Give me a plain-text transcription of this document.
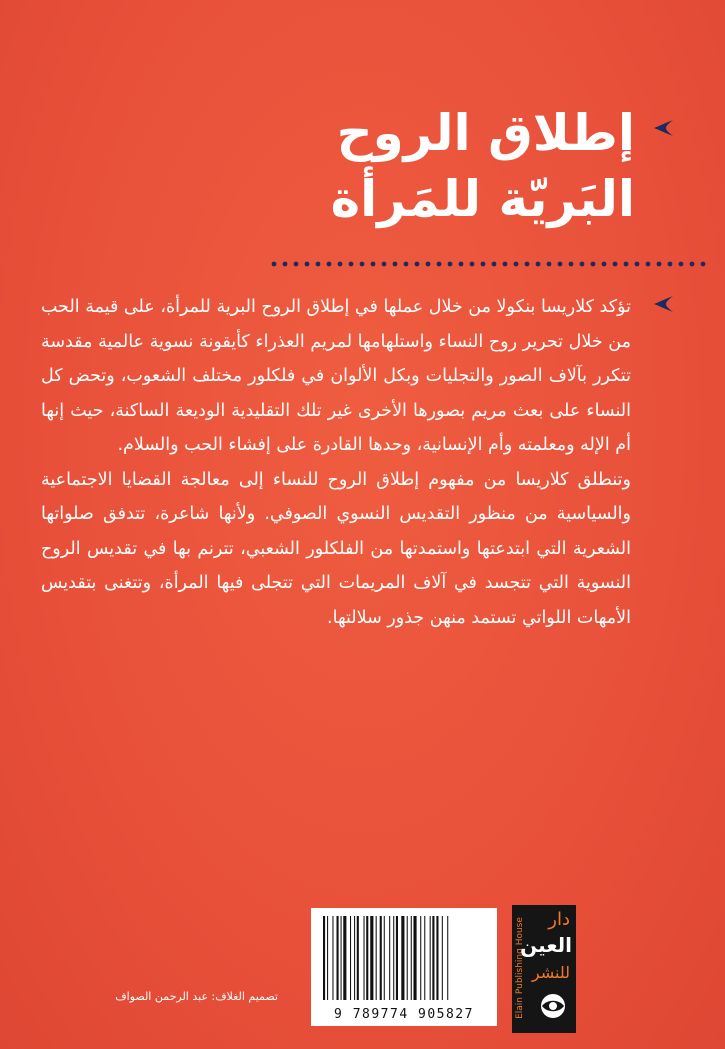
إطلاق الروح
البَريّة للمَرأة

تؤكد كلاريسا بنكولا من خلال عملها في إطلاق الروح البرية للمرأة، على قيمة الحب من خلال تحرير روح النساء واستلهامها لمريم العذراء كأيقونة نسوية عالمية مقدسة تتكرر بآلاف الصور والتجليات وبكل الألوان في فلكلور مختلف الشعوب، وتحض كل النساء على بعث مريم بصورها الأخرى غير تلك التقليدية الوديعة الساكنة، حيث إنها أم الإله ومعلمته وأم الإنسانية، وحدها القادرة على إفشاء الحب والسلام.

وتنطلق كلاريسا من مفهوم إطلاق الروح للنساء إلى معالجة القضايا الاجتماعية والسياسية من منظور التقديس النسوي الصوفي. ولأنها شاعرة، تتدفق صلواتها الشعرية التي ابتدعتها واستمدتها من الفلكلور الشعبي، تترنم بها في تقديس الروح النسوية التي تتجسد في آلاف المريمات التي تتجلى فيها المرأة، وتتغنى بتقديس الأمهات اللواتي تستمد منهن جذور سلالتها.

9 789774 905827	Elain Publishing House دار
العين
للنشر
تصميم الغلاف: عبد الرحمن الصواف
